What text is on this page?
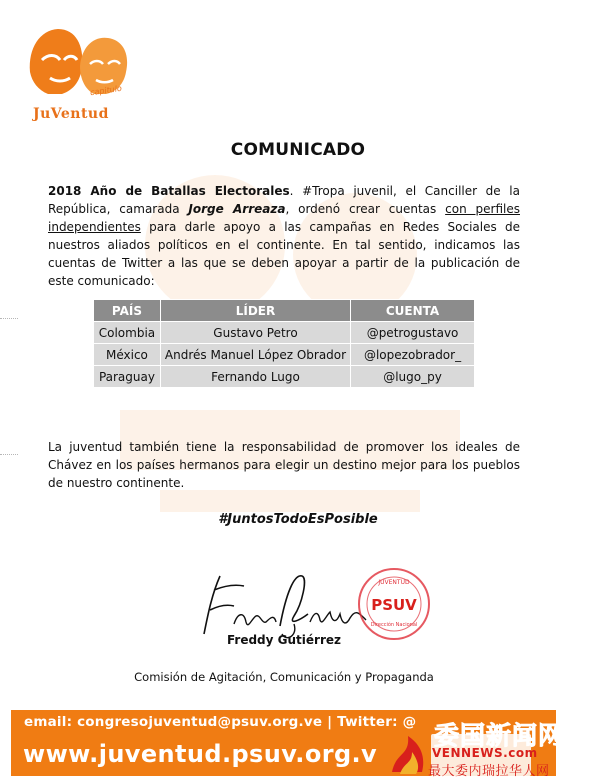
capitulo
JuVentud
COMUNICADO
2018 Año de Batallas Electorales. #Tropa juvenil, el Canciller de la República, camarada Jorge Arreaza, ordenó crear cuentas con perfiles independientes para darle apoyo a las campañas en Redes Sociales de nuestros aliados políticos en el continente. En tal sentido, indicamos las cuentas de Twitter a las que se deben apoyar a partir de la publicación de este comunicado:
PAÍS	LÍDER	CUENTA
Colombia	Gustavo Petro	@petrogustavo
México	Andrés Manuel López Obrador	@lopezobrador_
Paraguay	Fernando Lugo	@lugo_py
La juventud también tiene la responsabilidad de promover los ideales de Chávez en los países hermanos para elegir un destino mejor para los pueblos de nuestro continente.
#JuntosTodoEsPosible
JUVENTUD
PSUV
Dirección Nacional
Freddy Gutiérrez
Comisión de Agitación, Comunicación y Propaganda
email: congresojuventud@psuv.org.ve | Twitter: @
www.juventud.psuv.org.v
委国新闻网
VENNEWS.com
最大委内瑞拉华人网
